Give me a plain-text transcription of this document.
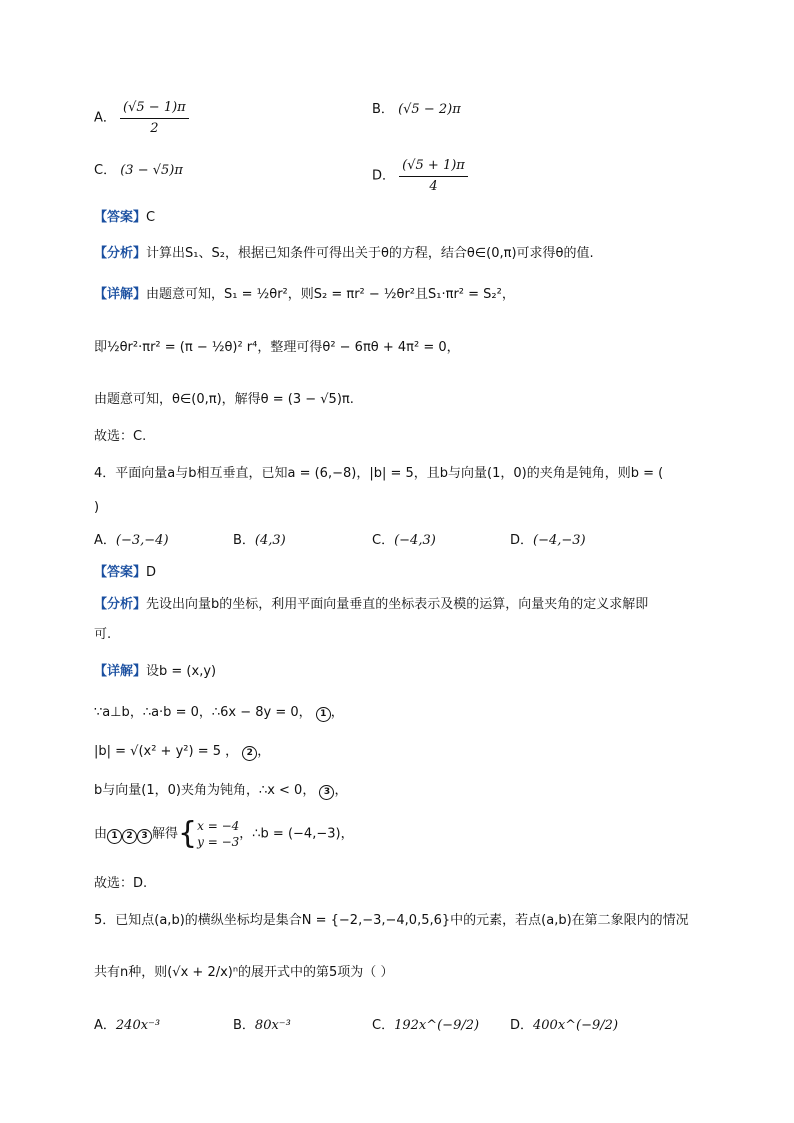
A． $\frac{(√5 - 1)\pi}{2}$	B． (√5 − 2)π
C． (3 − √5)π	D． $\frac{(√5 + 1)\pi}{4}$
【答案】C
【分析】计算出S₁、S₂，根据已知条件可得出关于θ的方程，结合θ∈(0,π)可求得θ的值.
【详解】由题意可知，S₁ = ½θr²，则S₂ = πr² − ½θr²且S₁·πr² = S₂²，
即½θr²·πr² = (π − ½θ)² r⁴，整理可得θ² − 6πθ + 4π² = 0，
由题意可知，θ∈(0,π)，解得θ = (3 − √5)π.
故选：C.
4．平面向量a与b相互垂直，已知a = (6,−8)，|b| = 5，且b与向量(1，0)的夹角是钝角，则b = (
)
A．(−3,−4)	B．(4,3)	C．(−4,3)	D．(−4,−3)
【答案】D
【分析】先设出向量b的坐标，利用平面向量垂直的坐标表示及模的运算，向量夹角的定义求解即
可.
【详解】设b = (x,y)
∵a⊥b，∴a·b = 0，∴6x − 8y = 0， 1 ，
|b| = √(x² + y²) = 5 ， 2 ，
b与向量(1，0)夹角为钝角，∴x < 0， 3 ，
由 1 2 3 解得{ x = −4
y = −3
，∴b = (−4,−3)，
故选：D.
5．已知点(a,b)的横纵坐标均是集合N = {−2,−3,−4,0,5,6}中的元素，若点(a,b)在第二象限内的情况
共有n种，则(√x + 2/x)ⁿ的展开式中的第5项为（ ）
A．240x⁻³	B．80x⁻³	C．192x^(−9/2) D．400x^(−9/2)
